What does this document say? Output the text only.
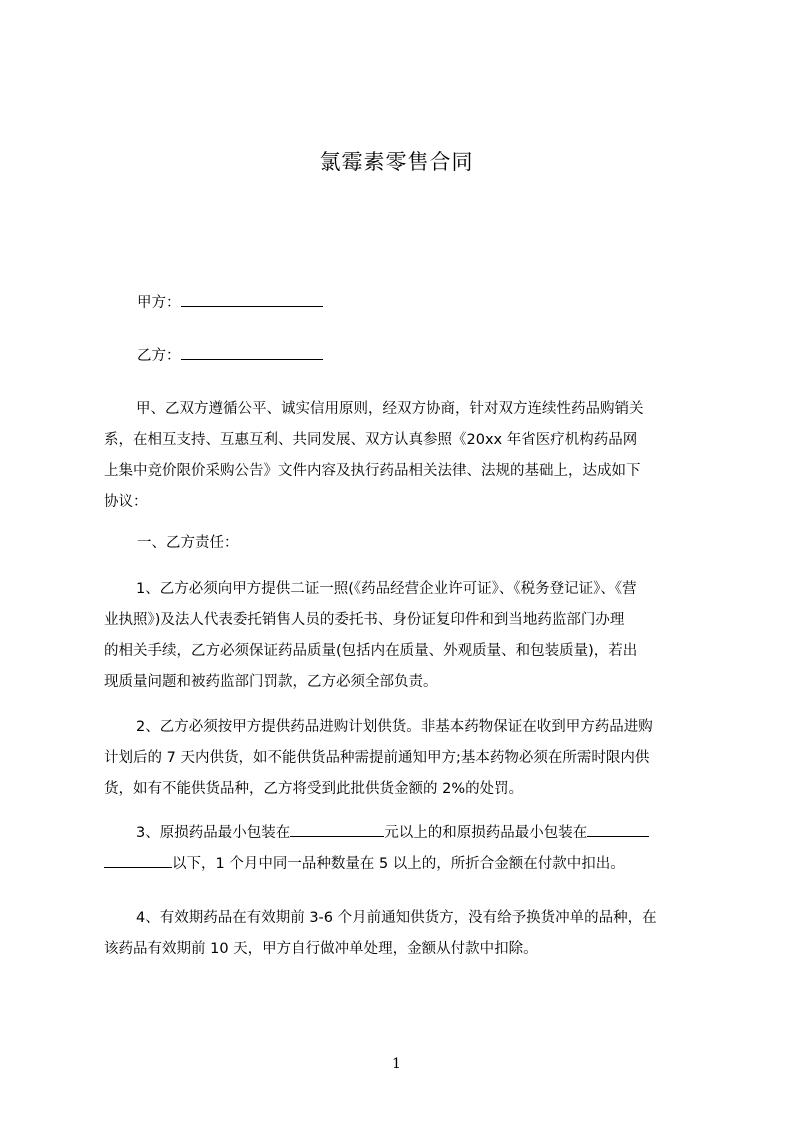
氯霉素零售合同
甲方：
乙方：
甲、乙双方遵循公平、诚实信用原则，经双方协商，针对双方连续性药品购销关
系，在相互支持、互惠互利、共同发展、双方认真参照《20xx 年省医疗机构药品网
上集中竞价限价采购公告》文件内容及执行药品相关法律、法规的基础上，达成如下
协议：
一、乙方责任：
1、乙方必须向甲方提供二证一照(《药品经营企业许可证》、《税务登记证》、《营
业执照》)及法人代表委托销售人员的委托书、身份证复印件和到当地药监部门办理
的相关手续，乙方必须保证药品质量(包括内在质量、外观质量、和包装质量)，若出
现质量问题和被药监部门罚款，乙方必须全部负责。
2、乙方必须按甲方提供药品进购计划供货。非基本药物保证在收到甲方药品进购
计划后的 7 天内供货，如不能供货品种需提前通知甲方;基本药物必须在所需时限内供
货，如有不能供货品种，乙方将受到此批供货金额的 2%的处罚。
3、原损药品最小包装在	元以上的和原损药品最小包装在
以下，1 个月中同一品种数量在 5 以上的，所折合金额在付款中扣出。
4、有效期药品在有效期前 3-6 个月前通知供货方，没有给予换货冲单的品种，在
该药品有效期前 10 天，甲方自行做冲单处理，金额从付款中扣除。
1
